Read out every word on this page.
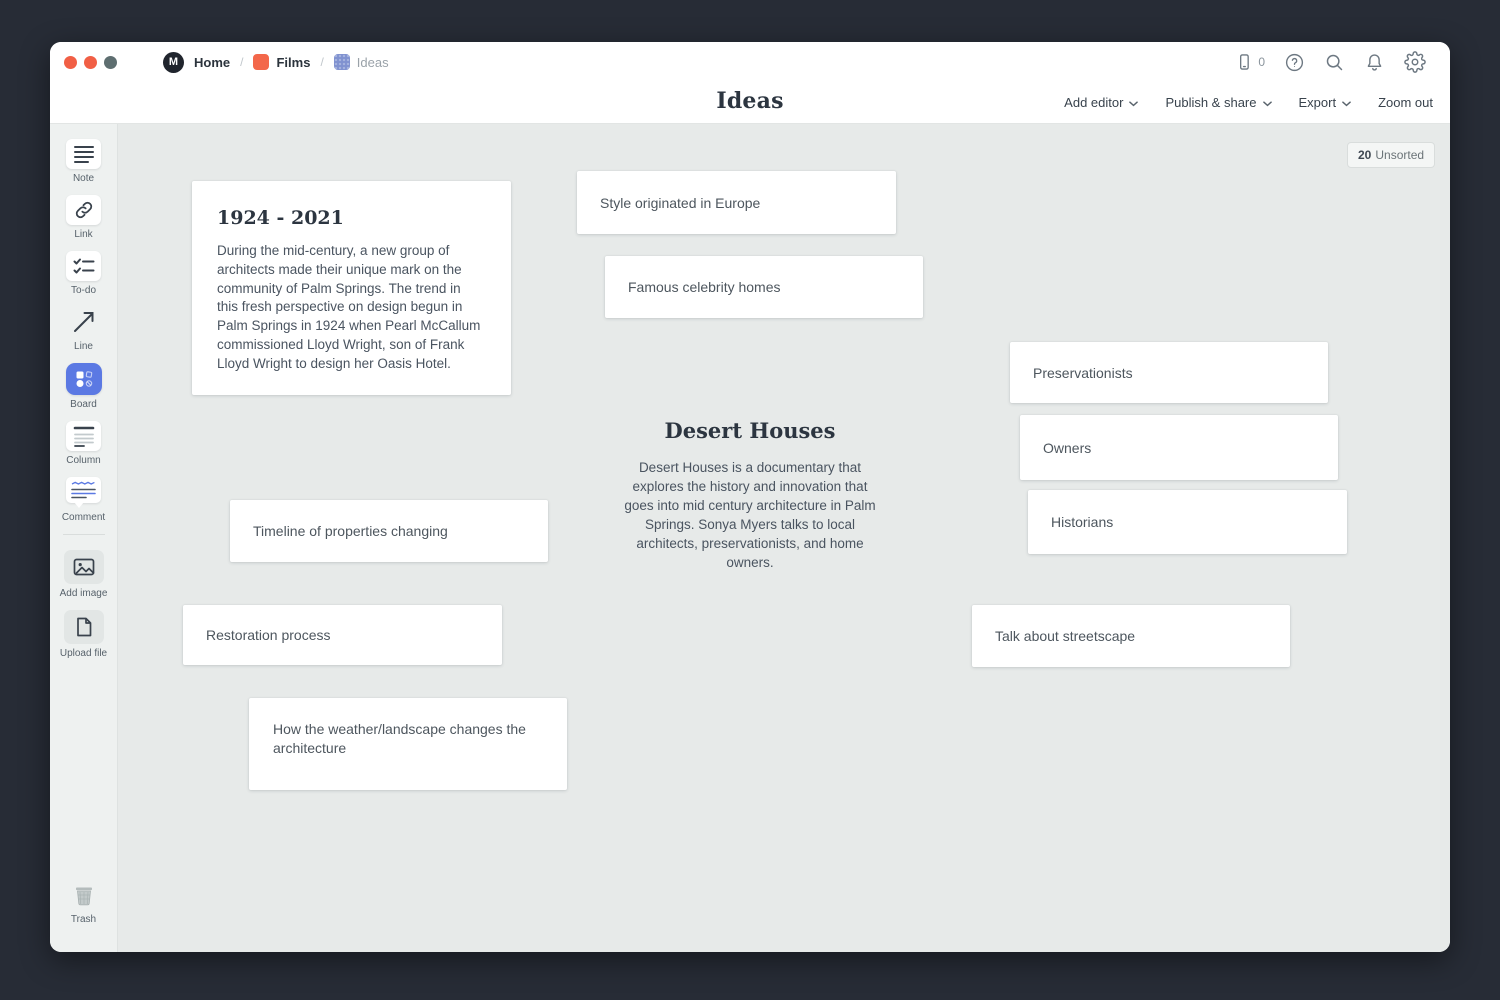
M	Home /	Films /	Ideas	0
Ideas	Add editor	Publish & share	Export	Zoom out
Note
Link
To-do
Line
Board
Column
Comment
Add image
Upload file
Trash
20 Unsorted
1924 - 2021
During the mid-century, a new group of architects made their unique mark on the community of Palm Springs. The trend in this fresh perspective on design begun in Palm Springs in 1924 when Pearl McCallum commissioned Lloyd Wright, son of Frank Lloyd Wright to design her Oasis Hotel.
Style originated in Europe
Famous celebrity homes
Preservationists
Owners
Historians
Timeline of properties changing
Restoration process	Talk about streetscape
How the weather/landscape changes the architecture
Desert Houses
Desert Houses is a documentary that explores the history and innovation that goes into mid century architecture in Palm Springs. Sonya Myers talks to local architects, preservationists, and home owners.
